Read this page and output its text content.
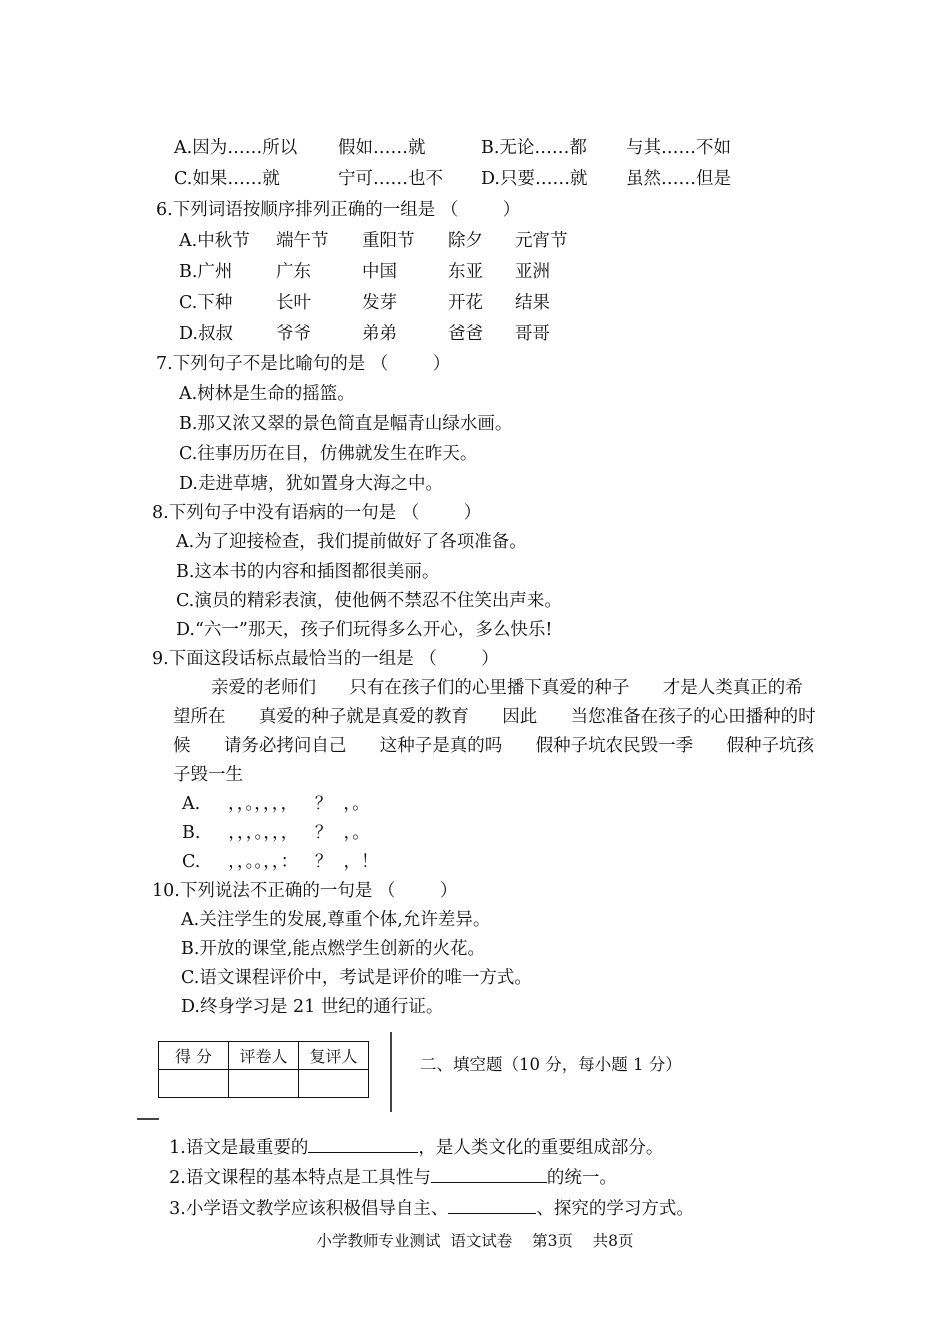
A.因为……所以 假如……就	B.无论……都 与其……不如
C.如果……就	宁可……也不 D.只要……就 虽然……但是
6.下列词语按顺序排列正确的一组是 （        ）
A.中秋节 端午节 重阳节 除夕 元宵节
B.广州 广东	中国	东亚 亚洲
C.下种 长叶	发芽	开花 结果
D.叔叔 爷爷	弟弟	爸爸 哥哥
7.下列句子不是比喻句的是 （        ）
A.树林是生命的摇篮。
B.那又浓又翠的景色简直是幅青山绿水画。
C.往事历历在目，仿佛就发生在昨天。
D.走进草塘，犹如置身大海之中。
8.下列句子中没有语病的一句是 （        ）
A.为了迎接检查，我们提前做好了各项准备。
B.这本书的内容和插图都很美丽。
C.演员的精彩表演，使他俩不禁忍不住笑出声来。
D.“六一”那天，孩子们玩得多么开心，多么快乐!
9.下面这段话标点最恰当的一组是 （        ）
亲爱的老师们      只有在孩子们的心里播下真爱的种子      才是人类真正的希
望所在      真爱的种子就是真爱的教育      因此      当您准备在孩子的心田播种的时
候      请务必拷问自己      这种子是真的吗      假种子坑农民毁一季      假种子坑孩
子毁一生
A.     ，，。，，，，   ？  ，。
B.     ，，，。，，，   ？  ，。
C.     ，，。。，，：   ？  ，！
10.下列说法不正确的一句是 （        ）
A.关注学生的发展,尊重个体,允许差异。
B.开放的课堂,能点燃学生创新的火花。
C.语文课程评价中，考试是评价的唯一方式。
D.终身学习是 21 世纪的通行证。
得 分	评卷人	复评人
			二、填空题（10 分，每小题 1 分）

1.语文是最重要的	，是人类文化的重要组成部分。

2.语文课程的基本特点是工具性与	的统一。

3.小学语文教学应该积极倡导自主、	、探究的学习方式。

小学教师专业测试  语文试卷    第3页    共8页
